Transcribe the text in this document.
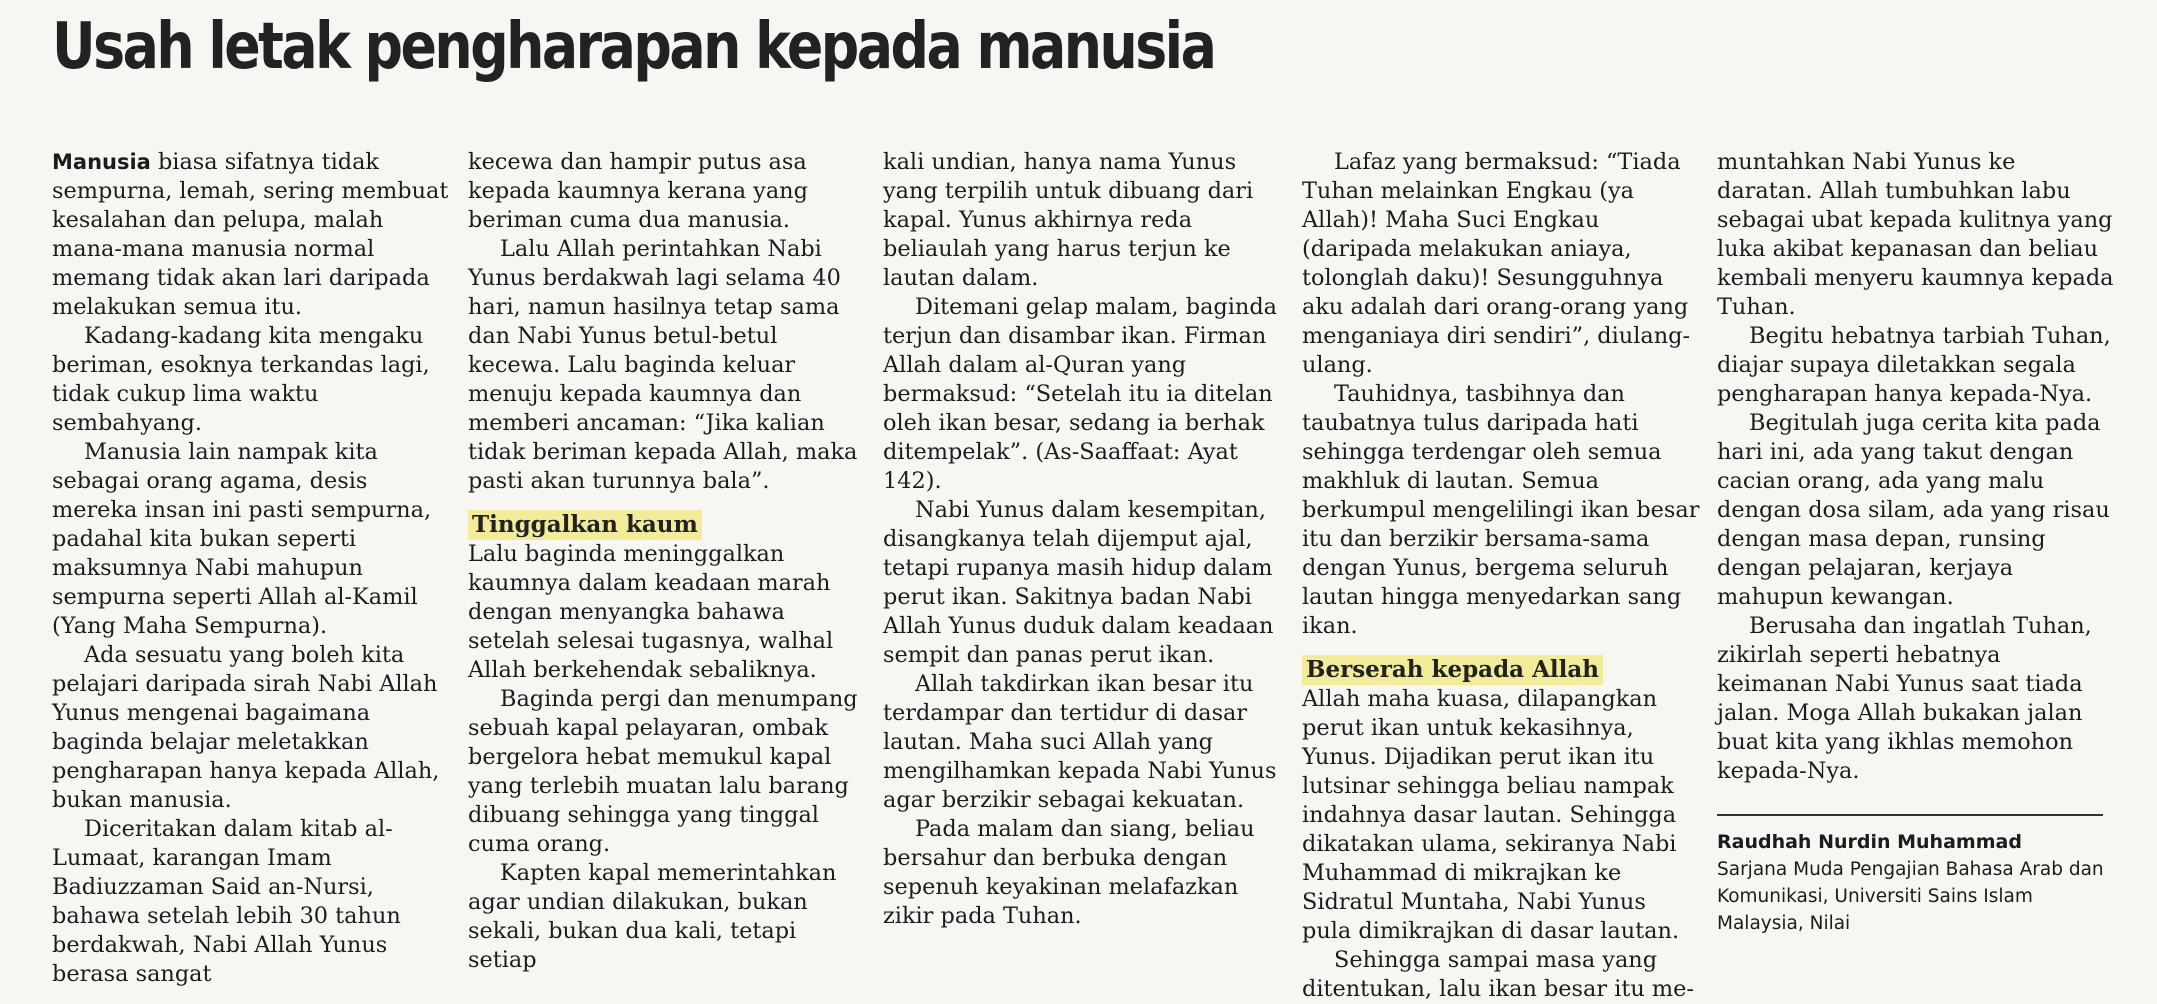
Usah letak pengharapan kepada manusia

Manusia biasa sifatnya tidak sempurna, lemah, sering membuat kesalahan dan pelupa, malah mana-mana manusia normal memang tidak akan lari daripada melakukan semua itu.

Kadang-kadang kita mengaku beriman, esoknya terkandas lagi, tidak cukup lima waktu sembahyang.

Manusia lain nampak kita sebagai orang agama, desis mereka insan ini pasti sempurna, padahal kita bukan seperti maksumnya Nabi mahupun sempurna seperti Allah al-Kamil (Yang Maha Sempurna).

Ada sesuatu yang boleh kita pelajari daripada sirah Nabi Allah Yunus mengenai bagaimana baginda belajar meletakkan pengharapan hanya kepada Allah, bukan manusia.

Diceritakan dalam kitab al-Lumaat, karangan Imam Badiuzzaman Said an-Nursi, bahawa setelah lebih 30 tahun berdakwah, Nabi Allah Yunus berasa sangat

kecewa dan hampir putus asa kepada kaumnya kerana yang beriman cuma dua manusia.

Lalu Allah perintahkan Nabi Yunus berdakwah lagi selama 40 hari, namun hasilnya tetap sama dan Nabi Yunus betul-betul kecewa. Lalu baginda keluar menuju kepada kaumnya dan memberi ancaman: “Jika kalian tidak beriman kepada Allah, maka pasti akan turunnya bala”.

Tinggalkan kaum

Lalu baginda meninggalkan kaumnya dalam keadaan marah dengan menyangka bahawa setelah selesai tugasnya, walhal Allah berkehendak sebaliknya.

Baginda pergi dan menumpang sebuah kapal pelayaran, ombak bergelora hebat memukul kapal yang terlebih muatan lalu barang dibuang sehingga yang tinggal cuma orang.

Kapten kapal memerintahkan agar undian dilakukan, bukan sekali, bukan dua kali, tetapi setiap

kali undian, hanya nama Yunus yang terpilih untuk dibuang dari kapal. Yunus akhirnya reda beliaulah yang harus terjun ke lautan dalam.

Ditemani gelap malam, baginda terjun dan disambar ikan. Firman Allah dalam al-Quran yang bermaksud: “Setelah itu ia ditelan oleh ikan besar, sedang ia berhak ditempelak”. (As-Saaffaat: Ayat 142).

Nabi Yunus dalam kesempitan, disangkanya telah dijemput ajal, tetapi rupanya masih hidup dalam perut ikan. Sakitnya badan Nabi Allah Yunus duduk dalam keadaan sempit dan panas perut ikan.

Allah takdirkan ikan besar itu terdampar dan tertidur di dasar lautan. Maha suci Allah yang mengilhamkan kepada Nabi Yunus agar berzikir sebagai kekuatan.

Pada malam dan siang, beliau bersahur dan berbuka dengan sepenuh keyakinan melafazkan zikir pada Tuhan.

Lafaz yang bermaksud: “Tiada Tuhan melainkan Engkau (ya Allah)! Maha Suci Engkau (daripada melakukan aniaya, tolonglah daku)! Sesungguhnya aku adalah dari orang-orang yang menganiaya diri sendiri”, diulang-ulang.

Tauhidnya, tasbihnya dan taubatnya tulus daripada hati sehingga terdengar oleh semua makhluk di lautan. Semua berkumpul mengelilingi ikan besar itu dan berzikir bersama-sama dengan Yunus, bergema seluruh lautan hingga menyedarkan sang ikan.

Berserah kepada Allah

Allah maha kuasa, dilapangkan perut ikan untuk kekasihnya, Yunus. Dijadikan perut ikan itu lutsinar sehingga beliau nampak indahnya dasar lautan. Sehingga dikatakan ulama, sekiranya Nabi Muhammad di mikrajkan ke Sidratul Muntaha, Nabi Yunus pula dimikrajkan di dasar lautan.

Sehingga sampai masa yang ditentukan, lalu ikan besar itu me-

muntahkan Nabi Yunus ke daratan. Allah tumbuhkan labu sebagai ubat kepada kulitnya yang luka akibat kepanasan dan beliau kembali menyeru kaumnya kepada Tuhan.

Begitu hebatnya tarbiah Tuhan, diajar supaya diletakkan segala pengharapan hanya kepada-Nya.

Begitulah juga cerita kita pada hari ini, ada yang takut dengan cacian orang, ada yang malu dengan dosa silam, ada yang risau dengan masa depan, runsing dengan pelajaran, kerjaya mahupun kewangan.

Berusaha dan ingatlah Tuhan, zikirlah seperti hebatnya keimanan Nabi Yunus saat tiada jalan. Moga Allah bukakan jalan buat kita yang ikhlas memohon kepada-Nya.

Raudhah Nurdin Muhammad
Sarjana Muda Pengajian Bahasa Arab dan Komunikasi, Universiti Sains Islam Malaysia, Nilai
